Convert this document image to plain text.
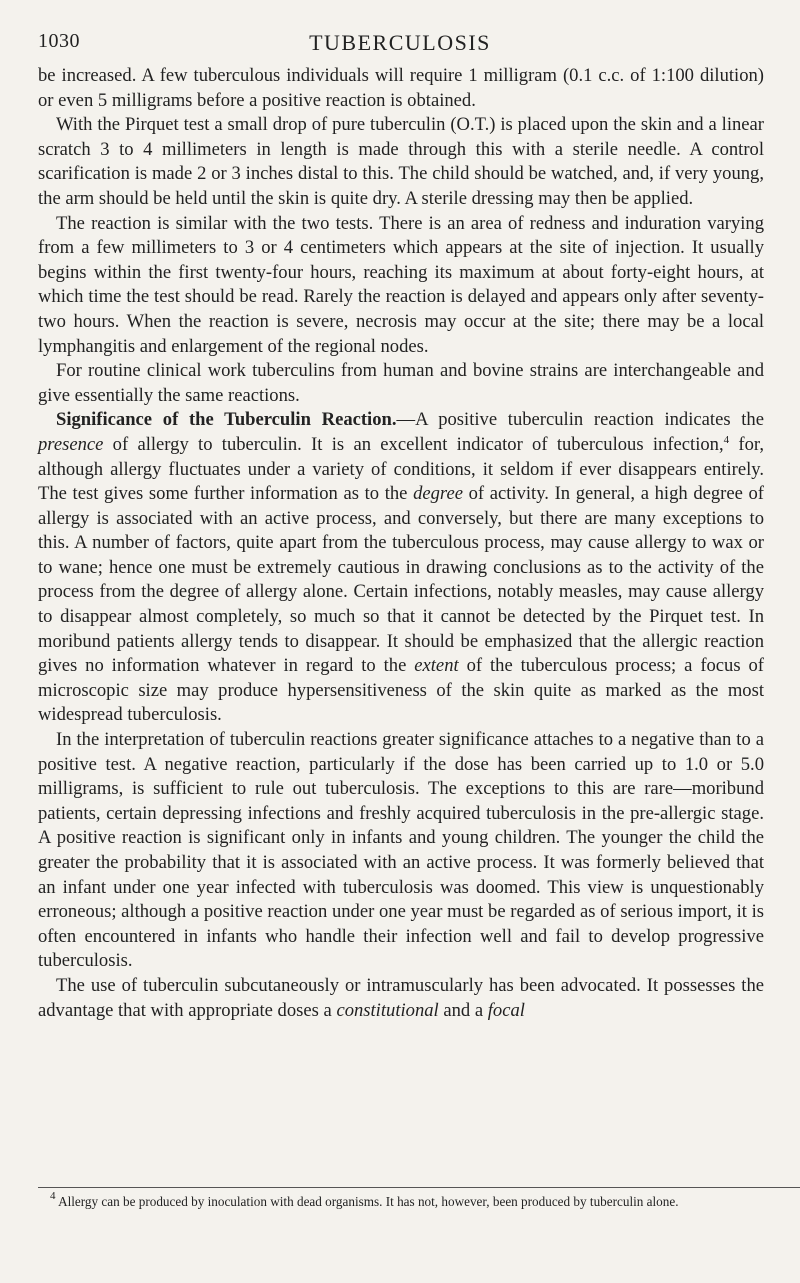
1030	TUBERCULOSIS

be increased. A few tuberculous individuals will require 1 milligram (0.1 c.c. of 1:100 dilution) or even 5 milligrams before a positive reaction is obtained.

With the Pirquet test a small drop of pure tuberculin (O.T.) is placed upon the skin and a linear scratch 3 to 4 millimeters in length is made through this with a sterile needle. A control scarification is made 2 or 3 inches distal to this. The child should be watched, and, if very young, the arm should be held until the skin is quite dry. A sterile dressing may then be applied.

The reaction is similar with the two tests. There is an area of redness and induration varying from a few millimeters to 3 or 4 centimeters which appears at the site of injection. It usually begins within the first twenty-four hours, reaching its maximum at about forty-eight hours, at which time the test should be read. Rarely the reaction is delayed and appears only after seventy-two hours. When the reaction is severe, necrosis may occur at the site; there may be a local lymphangitis and enlargement of the regional nodes.

For routine clinical work tuberculins from human and bovine strains are interchangeable and give essentially the same reactions.

Significance of the Tuberculin Reaction.—A positive tuberculin reaction indicates the presence of allergy to tuberculin. It is an excellent indicator of tuberculous infection,$^4$ for, although allergy fluctuates under a variety of conditions, it seldom if ever disappears entirely. The test gives some further information as to the degree of activity. In general, a high degree of allergy is associated with an active process, and conversely, but there are many exceptions to this. A number of factors, quite apart from the tuberculous process, may cause allergy to wax or to wane; hence one must be extremely cautious in drawing conclusions as to the activity of the process from the degree of allergy alone. Certain infections, notably measles, may cause allergy to disappear almost completely, so much so that it cannot be detected by the Pirquet test. In moribund patients allergy tends to disappear. It should be emphasized that the allergic reaction gives no information whatever in regard to the extent of the tuberculous process; a focus of microscopic size may produce hypersensitiveness of the skin quite as marked as the most widespread tuberculosis.

In the interpretation of tuberculin reactions greater significance attaches to a negative than to a positive test. A negative reaction, particularly if the dose has been carried up to 1.0 or 5.0 milligrams, is sufficient to rule out tuberculosis. The exceptions to this are rare—moribund patients, certain depressing infections and freshly acquired tuberculosis in the pre-allergic stage. A positive reaction is significant only in infants and young children. The younger the child the greater the probability that it is associated with an active process. It was formerly believed that an infant under one year infected with tuberculosis was doomed. This view is unquestionably erroneous; although a positive reaction under one year must be regarded as of serious import, it is often encountered in infants who handle their infection well and fail to develop progressive tuberculosis.

The use of tuberculin subcutaneously or intramuscularly has been advocated. It possesses the advantage that with appropriate doses a constitutional and a focal

$^4$ Allergy can be produced by inoculation with dead organisms. It has not, however, been produced by tuberculin alone.
